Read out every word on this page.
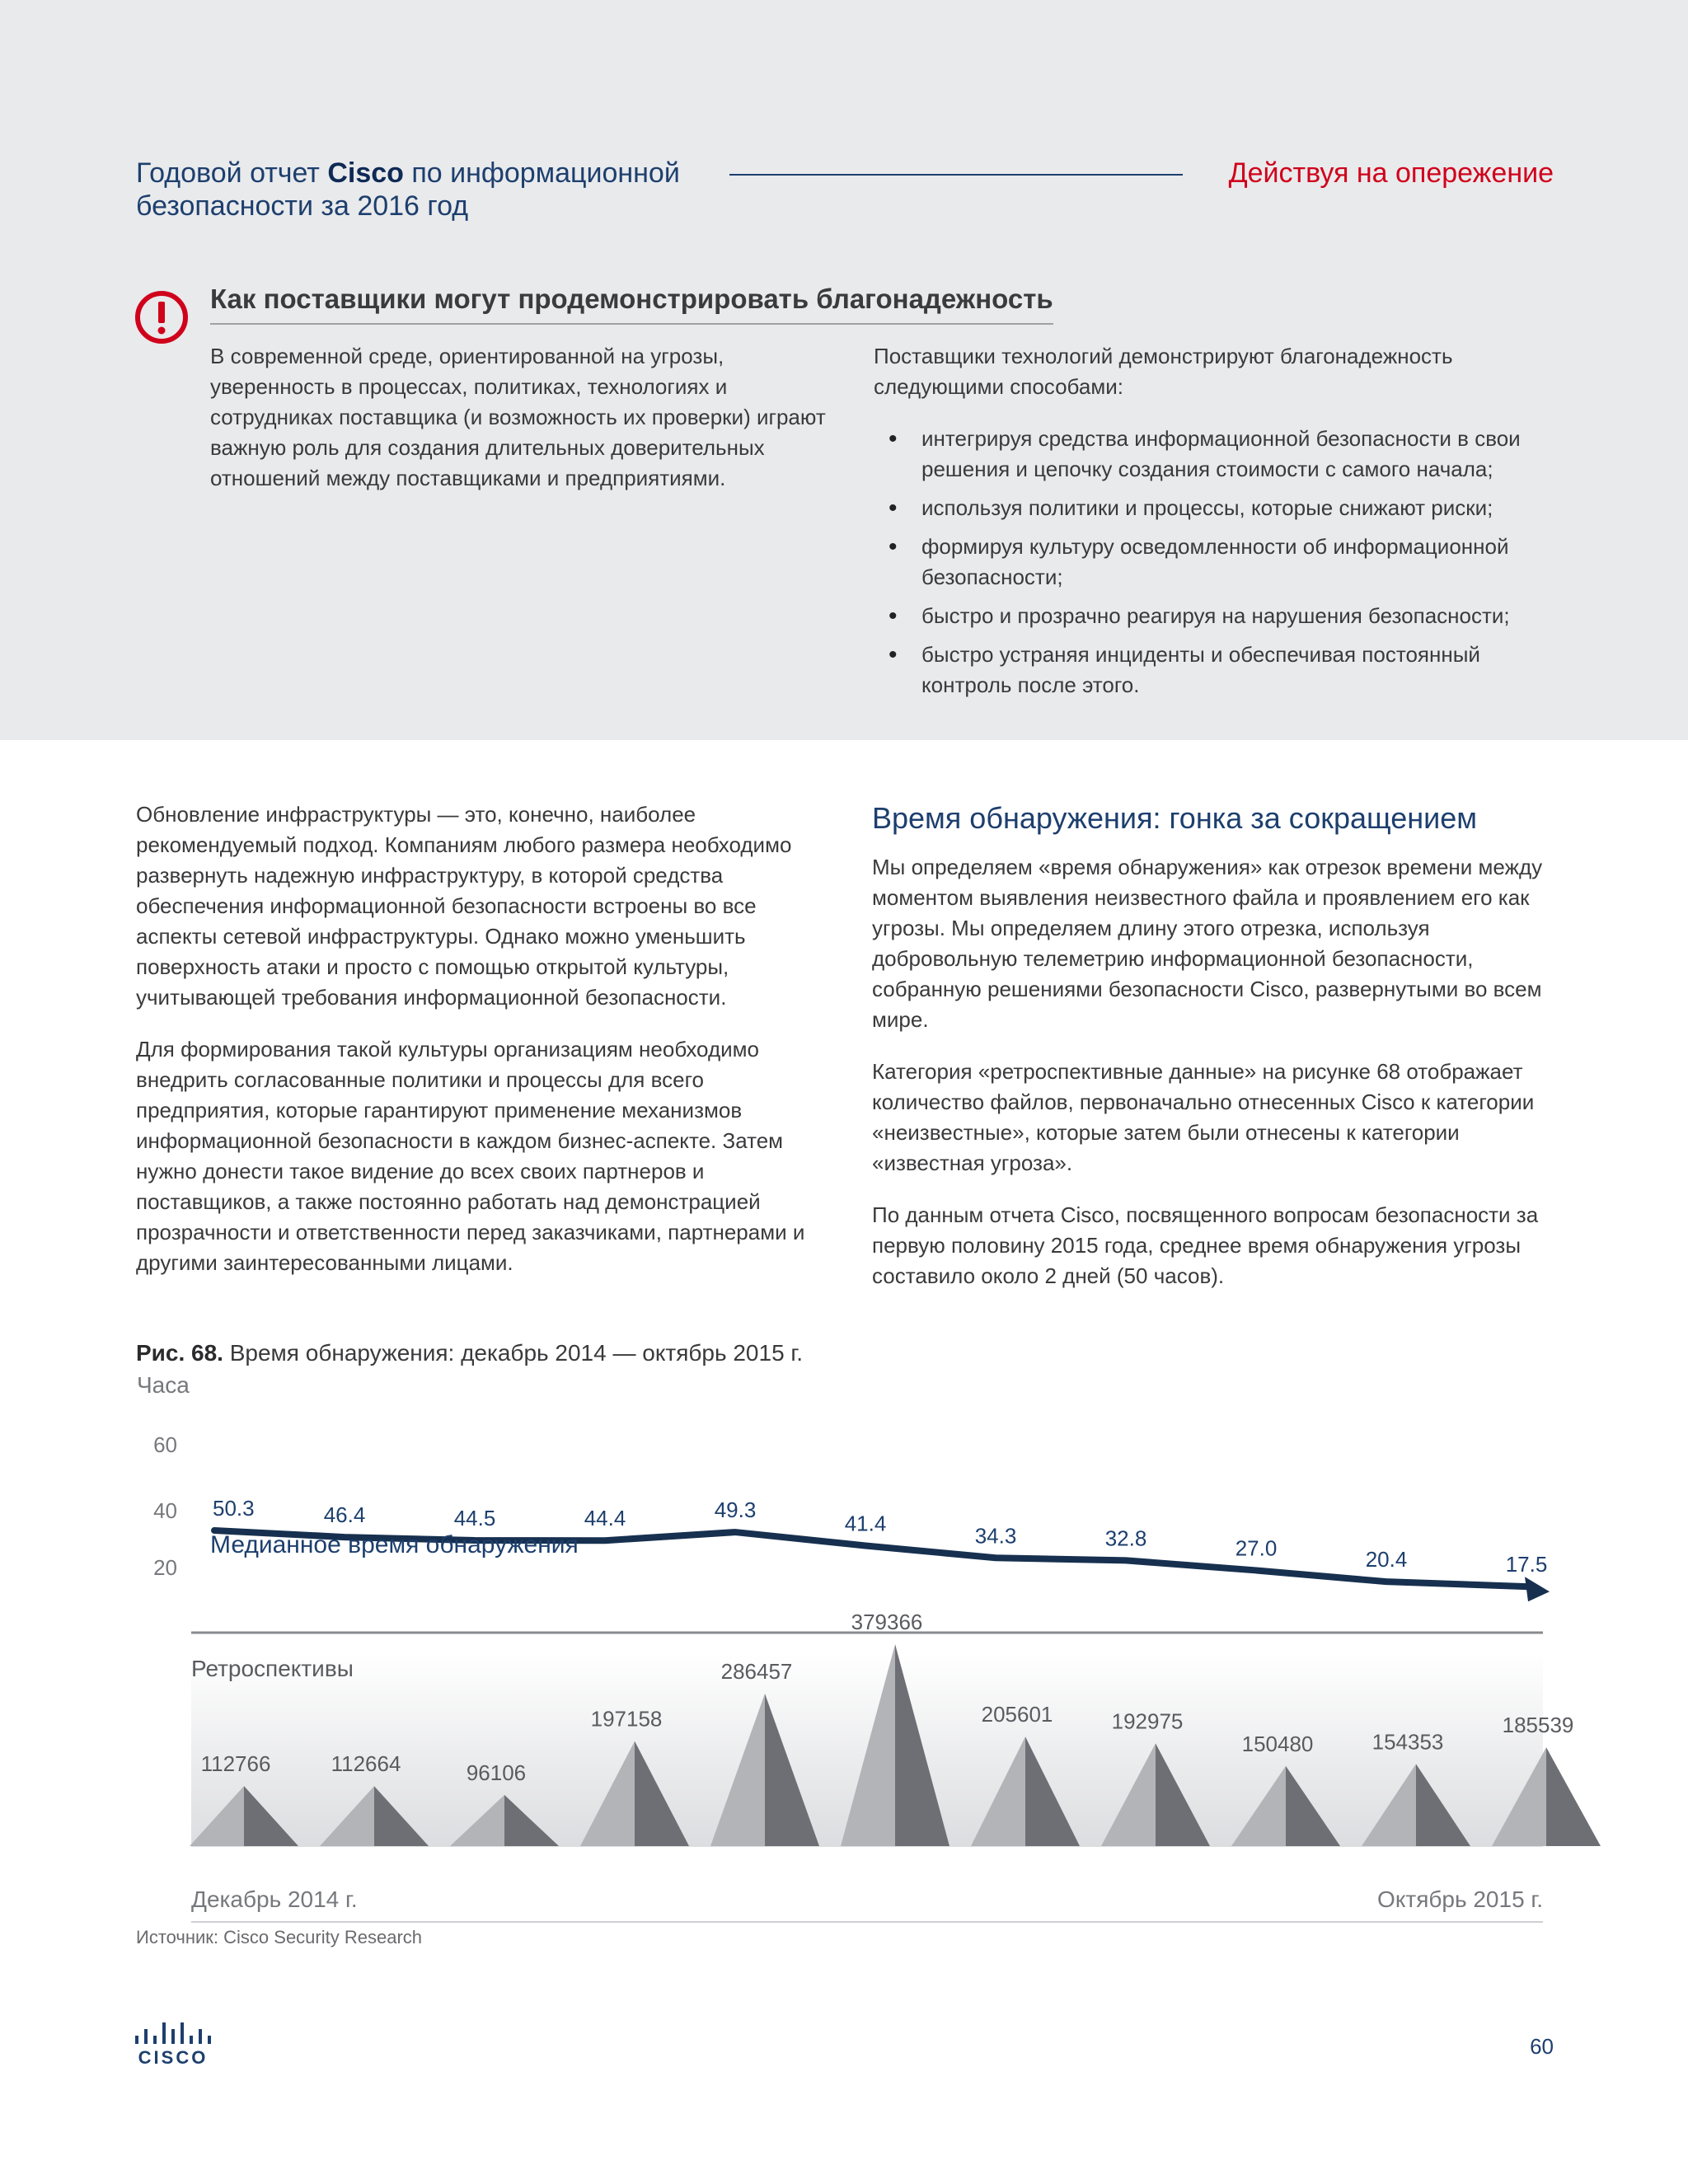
Годовой отчет Cisco по информационной безопасности за 2016 год
Действуя на опережение
Как поставщики могут продемонстрировать благонадежность
В современной среде, ориентированной на угрозы, уверенность в процессах, политиках, технологиях и сотрудниках поставщика (и возможность их проверки) играют важную роль для создания длительных доверительных отношений между поставщиками и предприятиями.
Поставщики технологий демонстрируют благонадежность следующими способами:
• интегрируя средства информационной безопасности в свои решения и цепочку создания стоимости с самого начала;
• используя политики и процессы, которые снижают риски;
• формируя культуру осведомленности об информационной безопасности;
• быстро и прозрачно реагируя на нарушения безопасности;
• быстро устраняя инциденты и обеспечивая постоянный контроль после этого.

Обновление инфраструктуры — это, конечно, наиболее рекомендуемый подход. Компаниям любого размера необходимо развернуть надежную инфраструктуру, в которой средства обеспечения информационной безопасности встроены во все аспекты сетевой инфраструктуры. Однако можно уменьшить поверхность атаки и просто с помощью открытой культуры, учитывающей требования информационной безопасности.

Для формирования такой культуры организациям необходимо внедрить согласованные политики и процессы для всего предприятия, которые гарантируют применение механизмов информационной безопасности в каждом бизнес-аспекте. Затем нужно донести такое видение до всех своих партнеров и поставщиков, а также постоянно работать над демонстрацией прозрачности и ответственности перед заказчиками, партнерами и другими заинтересованными лицами.

Время обнаружения: гонка за сокращением

Мы определяем «время обнаружения» как отрезок времени между моментом выявления неизвестного файла и проявлением его как угрозы. Мы определяем длину этого отрезка, используя добровольную телеметрию информационной безопасности, собранную решениями безопасности Cisco, развернутыми во всем мире.

Категория «ретроспективные данные» на рисунке 68 отображает количество файлов, первоначально отнесенных Cisco к категории «неизвестные», которые затем были отнесены к категории «известная угроза».

По данным отчета Cisco, посвященного вопросам безопасности за первую половину 2015 года, среднее время обнаружения угрозы составило около 2 дней (50 часов).

Рис. 68. Время обнаружения: декабрь 2014 — октябрь 2015 г.
Часа
60
40
20
50.3	46.4	44.5	44.4	49.3
41.4	34.3	32.8	27.0	20.4	17.5
Медианное время обнаружения
Ретроспективы
112766	112664	96106
197158
286457
379366
205601	192975
150480	154353
185539
Декабрь 2014 г.	Октябрь 2015 г.
Источник: Cisco Security Research
CISCO	60
